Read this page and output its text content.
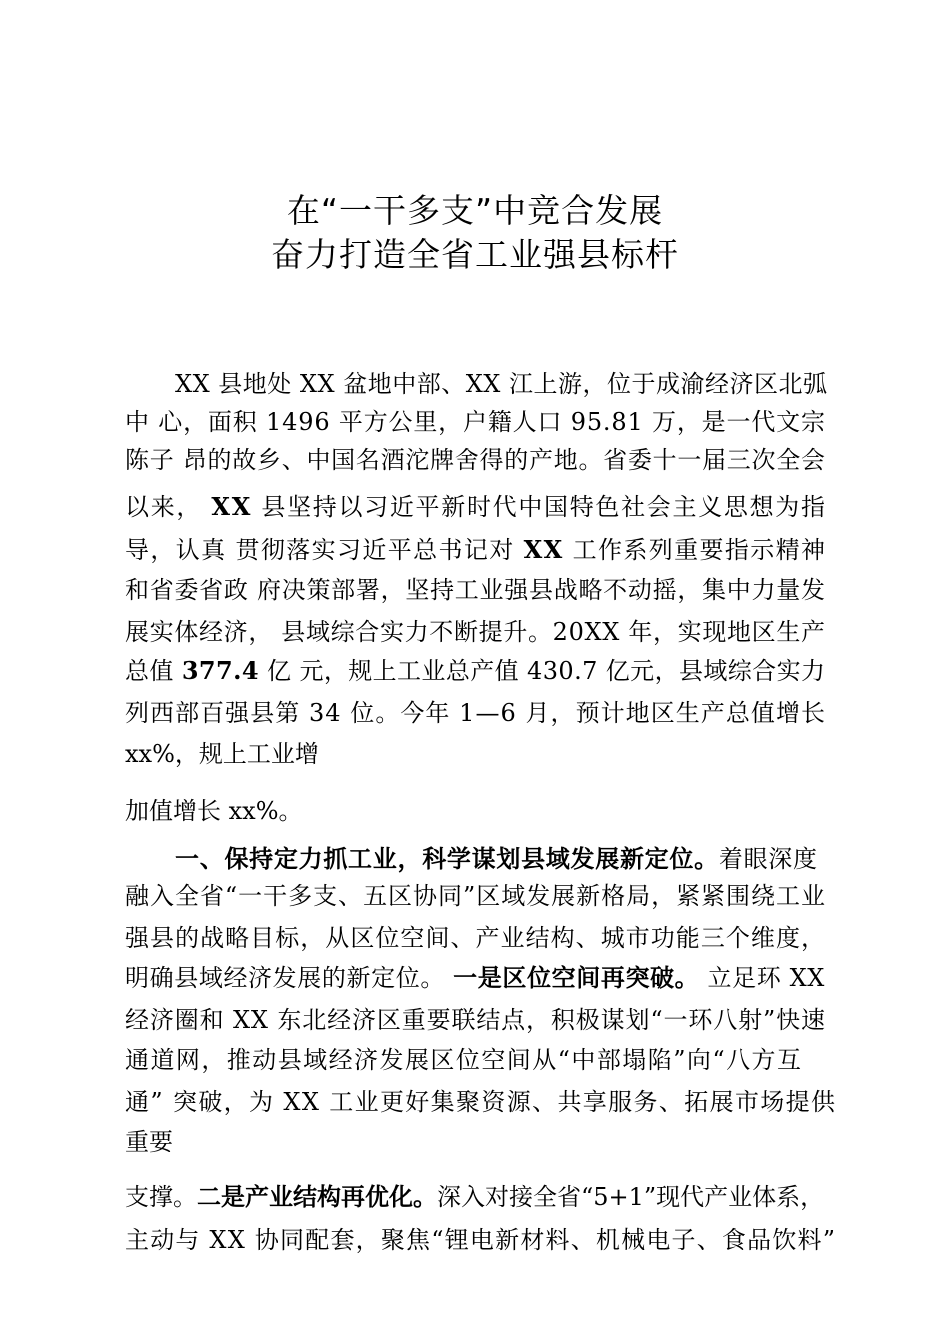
在“一干多支”中竞合发展
奋力打造全省工业强县标杆
XX 县地处 XX 盆地中部、XX 江上游，位于成渝经济区北弧
中 心，面积 1496 平方公里，户籍人口 95.81 万，是一代文宗
陈子 昂的故乡、中国名酒沱牌舍得的产地。省委十一届三次全会
以来， XX 县坚持以习近平新时代中国特色社会主义思想为指
导，认真 贯彻落实习近平总书记对 XX 工作系列重要指示精神
和省委省政 府决策部署，坚持工业强县战略不动摇，集中力量发
展实体经济， 县域综合实力不断提升。20XX 年，实现地区生产
总值 377.4 亿 元，规上工业总产值 430.7 亿元，县域综合实力
列西部百强县第 34 位。今年 1—6 月，预计地区生产总值增长
xx%，规上工业增
加值增长 xx%。
一、保持定力抓工业，科学谋划县域发展新定位。着眼深度
融入全省“一干多支、五区协同”区域发展新格局，紧紧围绕工业
强县的战略目标，从区位空间、产业结构、城市功能三个维度，
明确县域经济发展的新定位。 一是区位空间再突破。 立足环 XX
经济圈和 XX 东北经济区重要联结点，积极谋划“一环八射”快速
通道网，推动县域经济发展区位空间从“中部塌陷”向“八方互
通” 突破，为 XX 工业更好集聚资源、共享服务、拓展市场提供
重要
支撑。二是产业结构再优化。深入对接全省“5+1”现代产业体系，
主动与 XX 协同配套，聚焦“锂电新材料、机械电子、食品饮料”
